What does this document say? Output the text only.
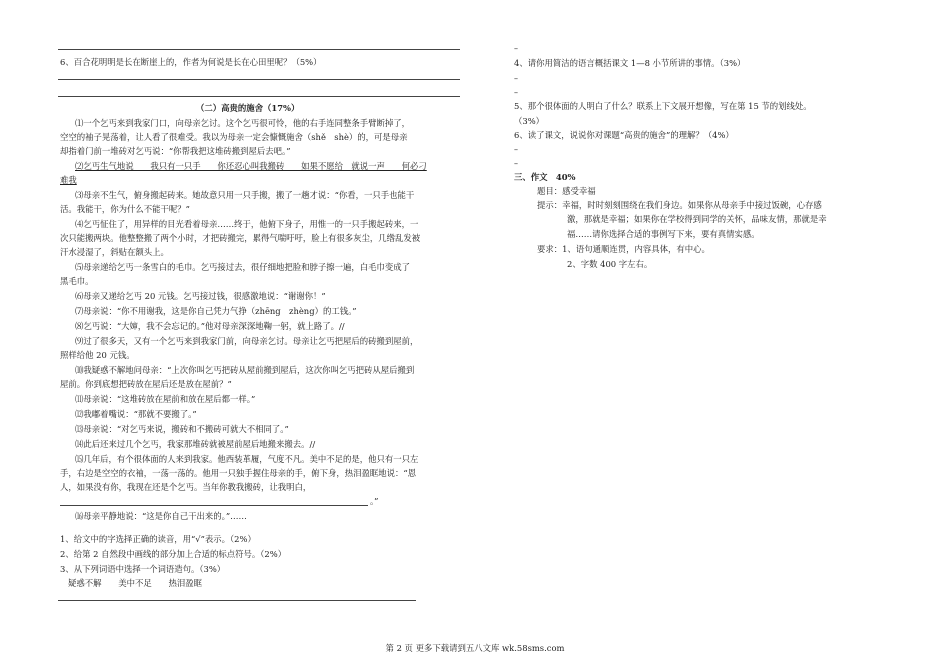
6、百合花明明是长在断崖上的，作者为何说是长在心田里呢？（5%）
（二）高贵的施舍（17%）
⑴一个乞丐来到我家门口，向母亲乞讨。这个乞丐很可怜，他的右手连同整条手臂断掉了，
空空的袖子晃荡着，让人看了很难受。我以为母亲一定会慷慨施舍（shě　shè）的，可是母亲
却指着门前一堆砖对乞丐说：“你帮我把这堆砖搬到屋后去吧。”
⑵乞丐生气地说　　我只有一只手　　你还忍心叫我搬砖　　如果不愿给　就说一声　　何必刁
难我
⑶母亲不生气，俯身搬起砖来。她故意只用一只手搬，搬了一趟才说：“你看，一只手也能干
活。我能干，你为什么不能干呢？”
⑷乞丐怔住了，用异样的目光看着母亲……终于，他俯下身子，用惟一的一只手搬起砖来，一
次只能搬两块。他整整搬了两个小时，才把砖搬完，累得气喘吁吁，脸上有很多灰尘，几绺乱发被
汗水浸湿了，斜贴在额头上。
⑸母亲递给乞丐一条雪白的毛巾。乞丐接过去，很仔细地把脸和脖子擦一遍，白毛巾变成了
黑毛巾。
⑹母亲又递给乞丐 20 元钱。乞丐接过钱，很感激地说：“谢谢你！”
⑺母亲说：“你不用谢我，这是你自己凭力气挣（zhēng　zhèng）的工钱。”
⑻乞丐说：“大婶，我不会忘记的。”他对母亲深深地鞠一躬，就上路了。//
⑼过了很多天，又有一个乞丐来到我家门前，向母亲乞讨。母亲让乞丐把屋后的砖搬到屋前，
照样给他 20 元钱。
⑽我疑惑不解地问母亲：“上次你叫乞丐把砖从屋前搬到屋后，这次你叫乞丐把砖从屋后搬到
屋前。你到底想把砖放在屋后还是放在屋前？”
⑾母亲说：“这堆砖放在屋前和放在屋后都一样。”
⑿我嘟着嘴说：“那就不要搬了。”
⒀母亲说：“对乞丐来说，搬砖和不搬砖可就大不相同了。”
⒁此后还来过几个乞丐，我家那堆砖就被屋前屋后地搬来搬去。//
⒂几年后，有个很体面的人来到我家。他西装革履，气度不凡。美中不足的是，他只有一只左
手，右边是空空的衣袖，一荡一荡的。他用一只独手握住母亲的手，俯下身，热泪盈眶地说：“恩
人，如果没有你，我现在还是个乞丐。当年你教我搬砖，让我明白，
。”
⒃母亲平静地说：“这是你自己干出来的。”……
1、给文中的字选择正确的读音，用“√”表示。（2%）
2、给第 2 自然段中画线的部分加上合适的标点符号。（2%）
3、从下列词语中选择一个词语造句。（3%）
疑惑不解　　美中不足　　热泪盈眶
–
4、请你用简洁的语言概括课文 1—8 小节所讲的事情。（3%）
–
–
5、那个很体面的人明白了什么？联系上下文展开想像，写在第 15 节的划线处。
（3%）
6、读了课文，说说你对课题“高贵的施舍”的理解？（4%）
–
–
三、作文　40%
题目：感受幸福
提示：幸福，时时刻刻围绕在我们身边。如果你从母亲手中接过饭碗，心存感
激，那就是幸福；如果你在学校得到同学的关怀，品味友情，那就是幸
福……请你选择合适的事例写下来，要有真情实感。
要求：1、语句通顺连贯，内容具体，有中心。
2、字数 400 字左右。
第 2 页 更多下载请到五八文库 wk.58sms.com
